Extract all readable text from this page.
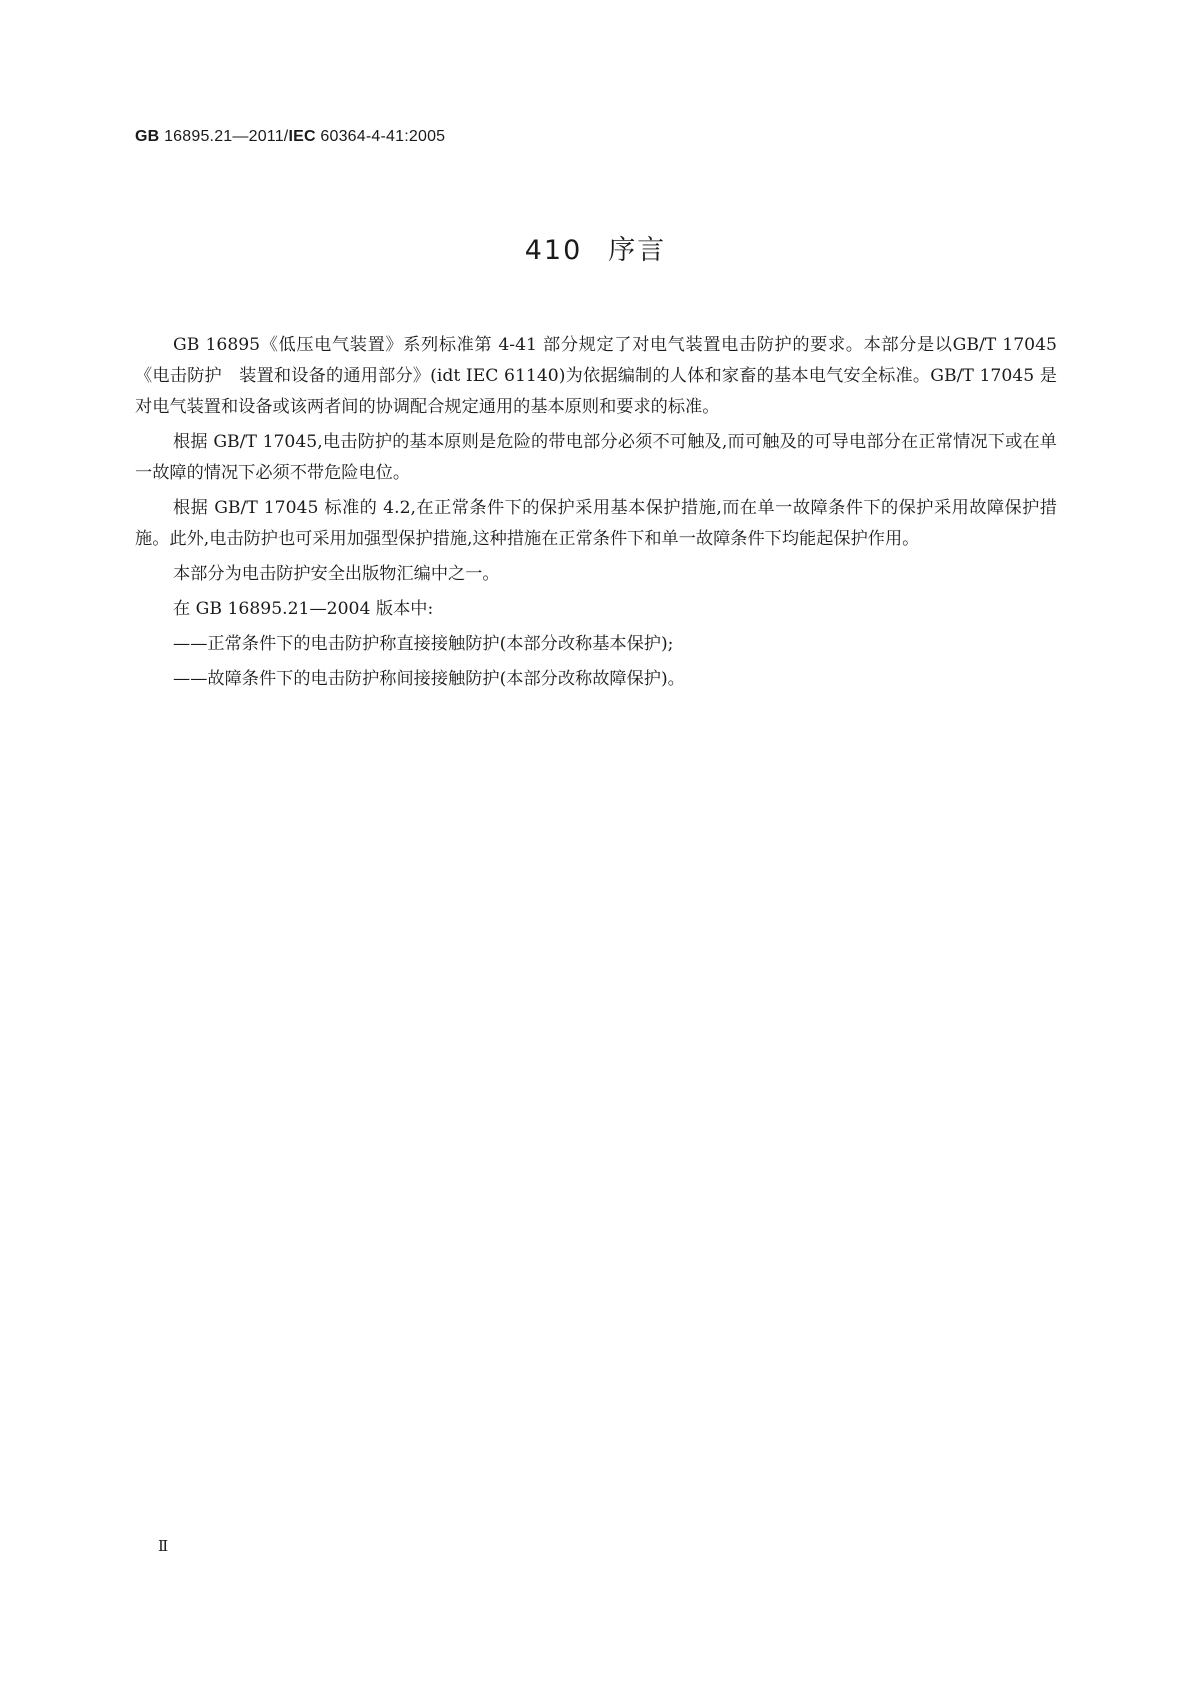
GB 16895.21—2011/IEC 60364-4-41:2005
410 序言

GB 16895《低压电气装置》系列标准第 4-41 部分规定了对电气装置电击防护的要求。本部分是以GB/T 17045《电击防护　装置和设备的通用部分》(idt IEC 61140)为依据编制的人体和家畜的基本电气安全标准。GB/T 17045 是对电气装置和设备或该两者间的协调配合规定通用的基本原则和要求的标准。

根据 GB/T 17045,电击防护的基本原则是危险的带电部分必须不可触及,而可触及的可导电部分在正常情况下或在单一故障的情况下必须不带危险电位。

根据 GB/T 17045 标准的 4.2,在正常条件下的保护采用基本保护措施,而在单一故障条件下的保护采用故障保护措施。此外,电击防护也可采用加强型保护措施,这种措施在正常条件下和单一故障条件下均能起保护作用。

本部分为电击防护安全出版物汇编中之一。

在 GB 16895.21—2004 版本中:

——正常条件下的电击防护称直接接触防护(本部分改称基本保护);

——故障条件下的电击防护称间接接触防护(本部分改称故障保护)。

Ⅱ
